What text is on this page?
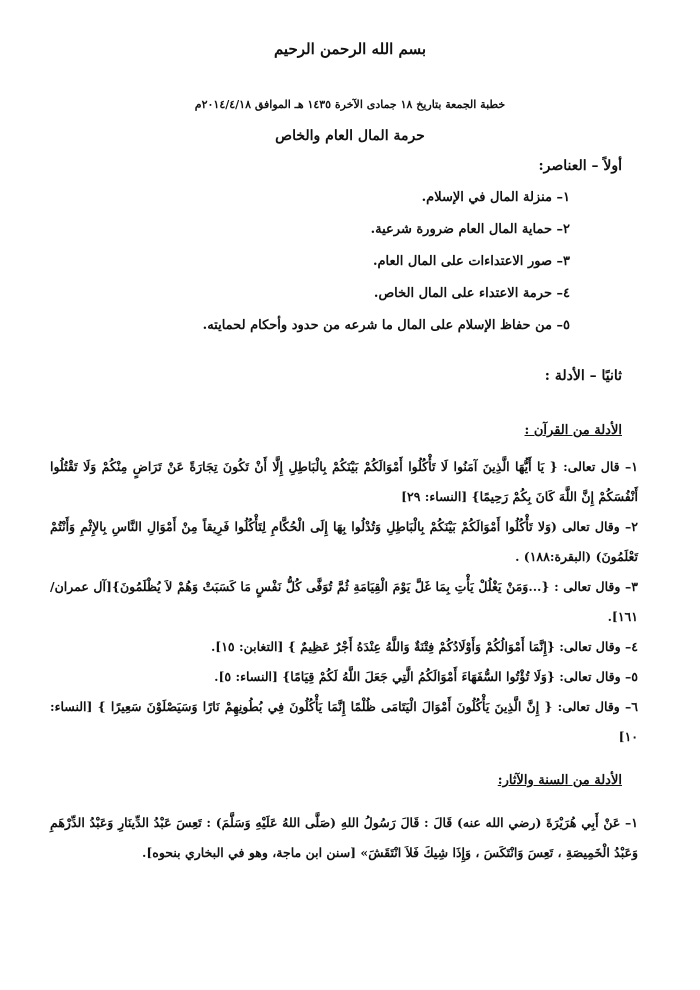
بسم الله الرحمن الرحيم
خطبة الجمعة بتاريخ ١٨ جمادى الآخرة ١٤٣٥ هـ الموافق ٢٠١٤/٤/١٨م
حرمة المال العام والخاص
أولاً – العناصر:
١– منزلة المال في الإسلام.
٢– حماية المال العام ضرورة شرعية.
٣– صور الاعتداءات على المال العام.
٤– حرمة الاعتداء على المال الخاص.
٥– من حفاظ الإسلام على المال ما شرعه من حدود وأحكام لحمايته.
ثانيًا – الأدلة :
الأدلة من القرآن :
١– قال تعالى: { يَا أَيُّهَا الَّذِينَ آمَنُوا لَا تَأْكُلُوا أَمْوَالَكُمْ بَيْنَكُمْ بِالْبَاطِلِ إِلَّا أَنْ تَكُونَ تِجَارَةً عَنْ تَرَاضٍ مِنْكُمْ وَلَا تَقْتُلُوا أَنْفُسَكُمْ إِنَّ اللَّهَ كَانَ بِكُمْ رَحِيمًا} [النساء: ٢٩]
٢– وقال تعالى (وَلا تَأْكُلُوا أَمْوَالَكُمْ بَيْنَكُمْ بِالْبَاطِلِ وَتُدْلُوا بِهَا إِلَى الْحُكَّامِ لِتَأْكُلُوا فَرِيقاً مِنْ أَمْوَالِ النَّاسِ بِالإِثْمِ وَأَنْتُمْ تَعْلَمُونَ) (البقرة:١٨٨) .
٣– وقال تعالى : {...وَمَنْ يَغْلُلْ يَأْتِ بِمَا غَلَّ يَوْمَ الْقِيَامَةِ ثُمَّ تُوَفَّى كُلُّ نَفْسٍ مَا كَسَبَتْ وَهُمْ لاَ يُظْلَمُونَ}[آل عمران/١٦١].
٤– وقال تعالى: {إِنَّمَا أَمْوَالُكُمْ وَأَوْلَادُكُمْ فِتْنَةٌ وَاللَّهُ عِنْدَهُ أَجْرٌ عَظِيمٌ } [التغابن: ١٥].
٥– وقال تعالى: {وَلَا تُؤْتُوا السُّفَهَاءَ أَمْوَالَكُمُ الَّتِي جَعَلَ اللَّهُ لَكُمْ قِيَامًا} [النساء: ٥].
٦– وقال تعالى: { إِنَّ الَّذِينَ يَأْكُلُونَ أَمْوَالَ الْيَتَامَى ظُلْمًا إِنَّمَا يَأْكُلُونَ فِي بُطُونِهِمْ نَارًا وَسَيَصْلَوْنَ سَعِيرًا } [النساء: ١٠]
الأدلة من السنة والآثار:
١– عَنْ أَبِي هُرَيْرَةَ (رضي الله عنه) قَالَ : قَالَ رَسُولُ اللهِ (صَلَّى اللهُ عَلَيْهِ وَسَلَّمَ) : تَعِسَ عَبْدُ الدِّينَارِ وَعَبْدُ الدِّرْهَمِ وَعَبْدُ الْخَمِيصَةِ ، تَعِسَ وَانْتَكَسَ ، وَإِذَا شِيكَ فَلاَ انْتَقَشَ» [سنن ابن ماجة، وهو في البخاري بنحوه].
